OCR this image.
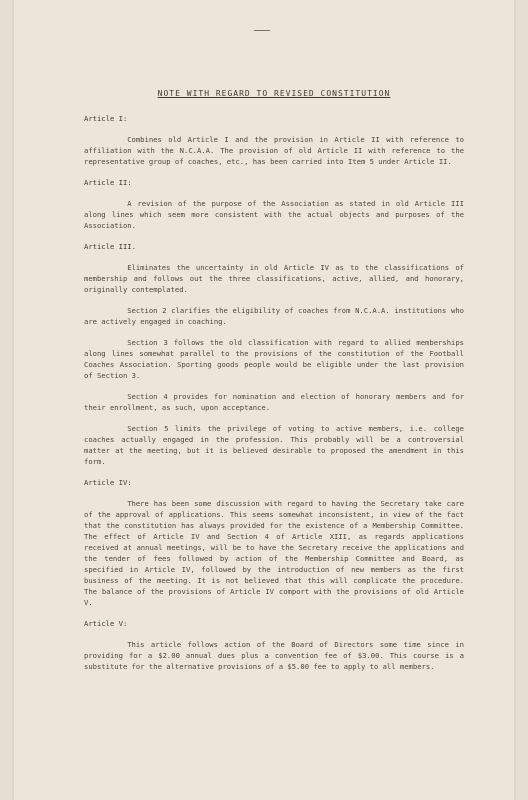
NOTE WITH REGARD TO REVISED CONSTITUTION
Article I:

Combines old Article I and the provision in Article II with reference to affiliation with the N.C.A.A. The provision of old Article II with reference to the representative group of coaches, etc., has been carried into Item 5 under Article II.

Article II:

A revision of the purpose of the Association as stated in old Article III along lines which seem more consistent with the actual objects and purposes of the Association.

Article III.

Eliminates the uncertainty in old Article IV as to the classifications of membership and follows out the three classifications, active, allied, and honorary, originally contemplated.

Section 2 clarifies the eligibility of coaches from N.C.A.A. institutions who are actively engaged in coaching.

Section 3 follows the old classification with regard to allied memberships along lines somewhat parallel to the provisions of the constitution of the Football Coaches Association. Sporting goods people would be eligible under the last provision of Section 3.

Section 4 provides for nomination and election of honorary members and for their enrollment, as such, upon acceptance.

Section 5 limits the privilege of voting to active members, i.e. college coaches actually engaged in the profession. This probably will be a controversial matter at the meeting, but it is believed desirable to proposed the amendment in this form.

Article IV:

There has been some discussion with regard to having the Secretary take care of the approval of applications. This seems somewhat inconsistent, in view of the fact that the constitution has always provided for the existence of a Membership Committee. The effect of Article IV and Section 4 of Article XIII, as regards applications received at annual meetings, will be to have the Secretary receive the applications and the tender of fees followed by action of the Membership Committee and Board, as specified in Article IV, followed by the introduction of new members as the first business of the meeting. It is not believed that this will complicate the procedure. The balance of the provisions of Article IV comport with the provisions of old Article V.

Article V:

This article follows action of the Board of Directors some time since in providing for a $2.00 annual dues plus a convention fee of $3.00. This course is a substitute for the alternative provisions of a $5.00 fee to apply to all members.
